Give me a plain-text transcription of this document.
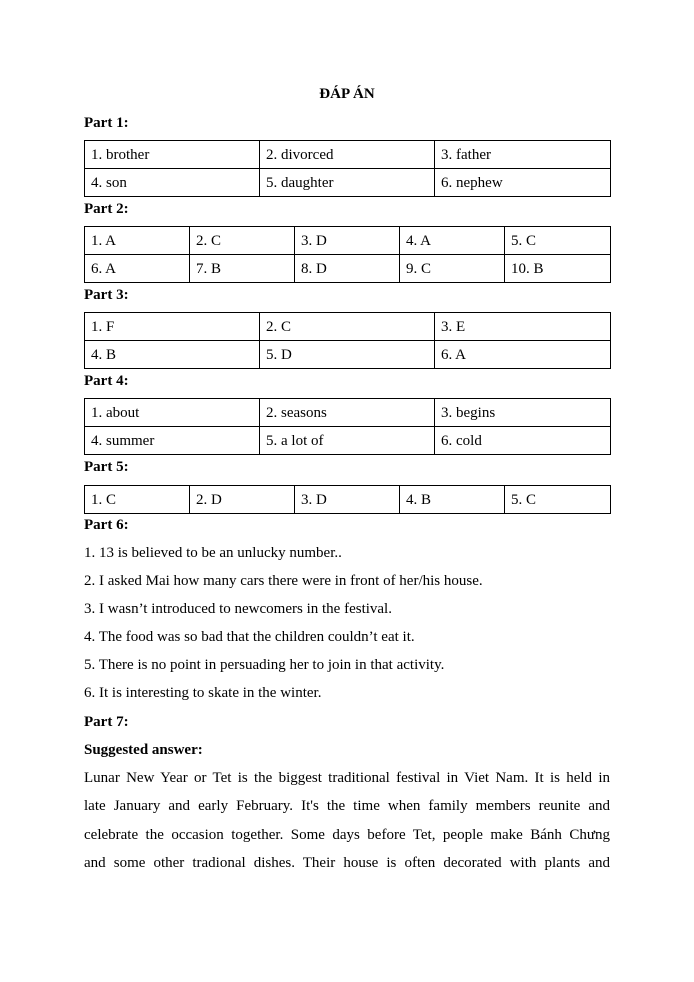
ĐÁP ÁN
Part 1:
1. brother	2. divorced	3. father
4. son	5. daughter	6. nephew
Part 2:
1. A	2. C	3. D	4. A	5. C
6. A	7. B	8. D	9. C	10. B
Part 3:
1. F	2. C	3. E
4. B	5. D	6. A
Part 4:
1. about	2. seasons	3. begins
4. summer	5. a lot of	6. cold
Part 5:
1. C	2. D	3. D	4. B	5. C
Part 6:
1. 13 is believed to be an unlucky number..
2. I asked Mai how many cars there were in front of her/his house.
3. I wasn’t introduced to newcomers in the festival.
4. The food was so bad that the children couldn’t eat it.
5. There is no point in persuading her to join in that activity.
6. It is interesting to skate in the winter.
Part 7:
Suggested answer:
Lunar New Year or Tet is the biggest traditional festival in Viet Nam. It is held in
late January and early February. It's the time when family members reunite and
celebrate the occasion together. Some days before Tet, people make Bánh Chưng
and some other tradional dishes. Their house is often decorated with plants and
